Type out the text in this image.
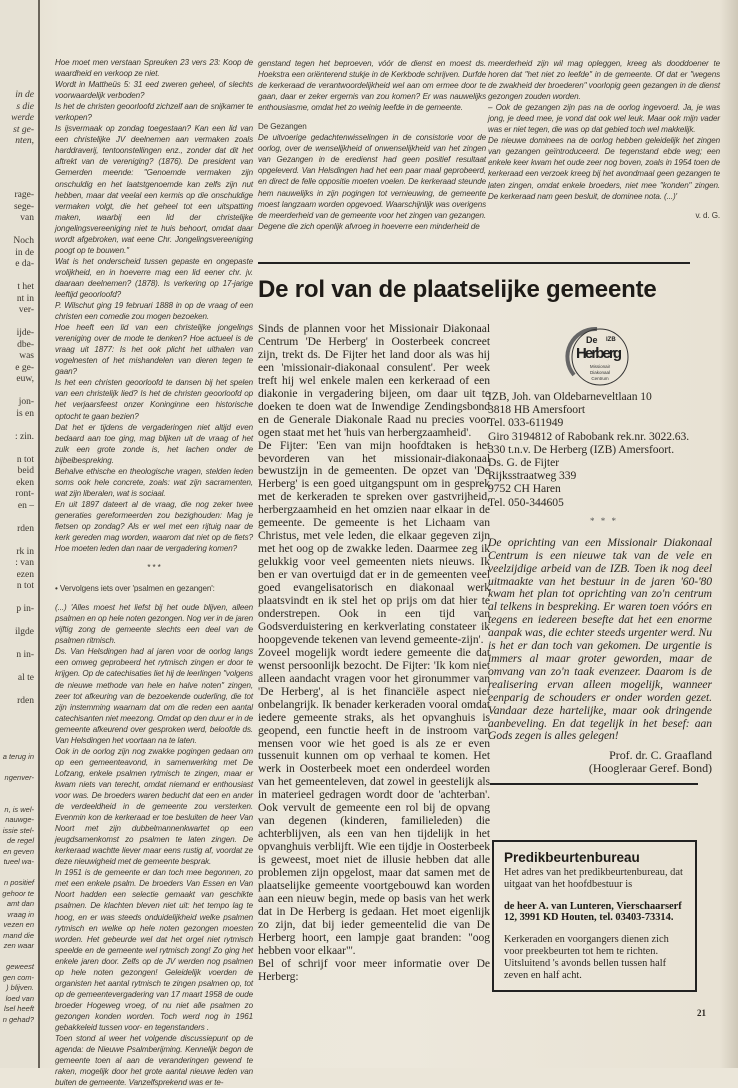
in de
s die
werde
st ge-
nten,
rage-
sege-
van

Noch
in de
e da-

t het
nt in
ver-

ijde-
dbe-
was
e ge-
euw,

jon-
is en

: zin.

n tot
beid
eken
ront-
en –

rden

rk in
: van
ezen
n tot

p in-

ilgde

n in-

al te

rden
a terug in

ngenver-

n, is wel-
nauwge-
issie stel-
de regel
en geven
tueel wa-

n positief
gehoor te
amt dan
vraag in
vezen en
mand die
zen waar

geweest
gen com-
) blijven.
loed van
lsel heeft
n gehad?

Hoe moet men verstaan Spreuken 23 vers 23: Koop de waardheid en verkoop ze niet.

Wordt in Mattheüs 5: 31 eed zweren geheel, of slechts voorwaardelijk verboden?

Is het de christen geoorloofd zichzelf aan de snijkamer te verkopen?

Is ijsvermaak op zondag toegestaan? Kan een lid van een christelijke JV deelnemen aan vermaken zoals harddraverij, tentoonstellingen enz., zonder dat dit het aftrekt van de vereniging? (1876). De president van Gemerden meende: "Genoemde vermaken zijn onschuldig en het laatstgenoemde kan zelfs zijn nut hebben, maar dat veelal een kermis op die onschuldige vermaken volgt, die het geheel tot een uitspatting maken, waarbij een lid der christelijke jongelingsvereeniging niet te huis behoort, omdat daar wordt afgebroken, wat eene Chr. Jongelingsvereeniging poogt op te bouwen."

Wat is het onderscheid tussen gepaste en ongepaste vrolijkheid, en in hoeverre mag een lid eener chr. jv. daaraan deelnemen? (1878). Is verkering op 17-jarige leeftijd geoorloofd?

P. Wilschut ging 19 februari 1888 in op de vraag of een christen een comedie zou mogen bezoeken.

Hoe heeft een lid van een christelijke jongelings vereniging over de mode te denken? Hoe actueel is de vraag uit 1877: Is het ook plicht het uithalen van vogelnesten of het mishandelen van dieren tegen te gaan?

Is het een christen geoorloofd te dansen bij het spelen van een christelijk lied? Is het de christen geoorloofd op het verjaarsfeest onzer Koninginne een historische optocht te gaan bezien?

Dat het er tijdens de vergaderingen niet altijd even bedaard aan toe ging, mag blijken uit de vraag of het zulk een grote zonde is, het lachen onder de bijbelbespreking.

Behalve ethische en theologische vragen, stelden leden soms ook hele concrete, zoals: wat zijn sacramenten, wat zijn liberalen, wat is sociaal.

En uit 1897 dateert al de vraag, die nog zeker twee generaties gereformeerden zou bezighouden: Mag je fietsen op zondag? Als er wel met een rijtuig naar de kerk gereden mag worden, waarom dat niet op de fiets? Hoe moeten leden dan naar de vergadering komen?

* * *

• Vervolgens iets over 'psalmen en gezangen':

(...) 'Alles moest het liefst bij het oude blijven, alleen psalmen en op hele noten gezongen. Nog ver in de jaren vijftig zong de gemeente slechts een deel van de psalmen ritmisch.

Ds. Van Helsdingen had al jaren voor de oorlog langs een omweg geprobeerd het rytmisch zingen er door te krijgen. Op de catechisaties liet hij de leerlingen "volgens de nieuwe methode van hele en halve noten" zingen, zeer tot afkeuring van de bezoekende ouderling, die tot zijn instemming waarnam dat om die reden een aantal catechisanten niet meezong. Omdat op den duur er in de gemeente afkeurend over gesproken werd, beloofde ds. Van Helsdingen het voortaan na te laten.

Ook in de oorlog zijn nog zwakke pogingen gedaan om op een gemeenteavond, in samenwerking met De Lofzang, enkele psalmen rytmisch te zingen, maar er kwam niets van terecht, omdat niemand er enthousiast voor was. De broeders waren beducht dat een en ander de verdeeldheid in de gemeente zou versterken. Evenmin kon de kerkeraad er toe besluiten de heer Van Noort met zijn dubbelmannenkwartet op een jeugdsamenkomst zo psalmen te laten zingen. De kerkeraad wachtte liever maar eens rustig af, voordat ze deze nieuwigheid met de gemeente besprak.

In 1951 is de gemeente er dan toch mee begonnen, zo met een enkele psalm. De broeders Van Essen en Van Noort hadden een selectie gemaakt van geschikte psalmen. De klachten bleven niet uit: het tempo lag te hoog, en er was steeds onduidelijkheid welke psalmen rytmisch en welke op hele noten gezongen moesten worden. Het gebeurde wel dat het orgel niet rytmisch speelde en de gemeente wel rytmisch zong! Zo ging het enkele jaren door. Zelfs op de JV werden nog psalmen op hele noten gezongen! Geleidelijk voerden de organisten het aantal rytmisch te zingen psalmen op, tot op de gemeentevergadering van 17 maart 1958 de oude broeder Hogeweg vroeg, of nu niet alle psalmen zo gezongen konden worden. Toch werd nog in 1961 gebakkeleid tussen voor- en tegenstanders .

Toen stond al weer het volgende discussiepunt op de agenda: de Nieuwe Psalmberijming. Kennelijk begon de gemeente toen al aan de veranderingen gewend te raken, mogelijk door het grote aantal nieuwe leden van buiten de gemeente. Vanzelfsprekend was er te-

genstand tegen het beproeven, vóór de dienst en moest ds. Hoekstra een oriënterend stukje in de Kerkbode schrijven. Durfde de kerkeraad de verantwoordelijkheid wel aan om ermee door te gaan, daar er zeker ergernis van zou komen? Er was nauwelijks enthousiasme, omdat het zo weinig leefde in de gemeente.

De Gezangen

De uitvoerige gedachtenwisselingen in de consistorie voor de oorlog, over de wenselijkheid of onwenselijkheid van het zingen van Gezangen in de eredienst had geen positief resultaat opgeleverd. Van Helsdingen had het een paar maal geprobeerd, en direct de felle oppositie moeten voelen. De kerkeraad steunde hem nauwelijks in zijn pogingen tot vernieuwing, de gemeente moest langzaam worden opgevoed. Waarschijnlijk was overigens de meerderheid van de gemeente voor het zingen van gezangen. Degene die zich openlijk afvroeg in hoeverre een minderheid de

meerderheid zijn wil mag opleggen, kreeg als dooddoener te horen dat "het niet zo leefde" in de gemeente. Of dat er "wegens de zwakheid der broederen" voorlopig geen gezangen in de dienst gezongen zouden worden.

– Ook de gezangen zijn pas na de oorlog ingevoerd. Ja, je was jong, je deed mee, je vond dat ook wel leuk. Maar ook mijn vader was er niet tegen, die was op dat gebied toch wel makkelijk.

De nieuwe dominees na de oorlog hebben geleidelijk het zingen van gezangen geïntroduceerd. De tegenstand ebde weg; een enkele keer kwam het oude zeer nog boven, zoals in 1954 toen de kerkeraad een verzoek kreeg bij het avondmaal geen gezangen te laten zingen, omdat enkele broeders, niet mee "konden" zingen. De kerkeraad nam geen besluit, de dominee nota. (...)'

v. d. G.

De rol van de plaatselijke gemeente

Sinds de plannen voor het Missionair Diakonaal Centrum 'De Herberg' in Oosterbeek concreet zijn, trekt ds. De Fijter het land door als was hij een 'missionair-diakonaal consulent'. Per week treft hij wel enkele malen een kerkeraad of een diakonie in vergadering bijeen, om daar uit te doeken te doen wat de Inwendige Zendingsbond en de Generale Diakonale Raad nu precies voor ogen staat met het 'huis van herbergzaamheid'.

De Fijter: 'Een van mijn hoofdtaken is het bevorderen van het missionair-diakonaal bewustzijn in de gemeenten. De opzet van 'De Herberg' is een goed uitgangspunt om in gesprek met de kerkeraden te spreken over gastvrijheid, herbergzaamheid en het omzien naar elkaar in de gemeente. De gemeente is het Lichaam van Christus, met vele leden, die elkaar gegeven zijn met het oog op de zwakke leden. Daarmee zeg ik gelukkig voor veel gemeenten niets nieuws. Ik ben er van overtuigd dat er in de gemeenten veel goed evangelisatorisch en diakonaal werk plaatsvindt en ik stel het op prijs om dat hier te onderstrepen. Ook in een tijd van Godsverduistering en kerkverlating constateer ik hoopgevende tekenen van levend gemeente-zijn'.

Zoveel mogelijk wordt iedere gemeente die dat wenst persoonlijk bezocht. De Fijter: 'Ik kom niet alleen aandacht vragen voor het gironummer van 'De Herberg', al is het financiële aspect niet onbelangrijk. Ik benader kerkeraden vooral omdat iedere gemeente straks, als het opvanghuis is geopend, een functie heeft in de instroom van mensen voor wie het goed is als ze er even tussenuit kunnen om op verhaal te komen. Het werk in Oosterbeek moet een onderdeel worden van het gemeenteleven, dat zowel in geestelijk als in materieel gedragen wordt door de 'achterban'. Ook vervult de gemeente een rol bij de opvang van degenen (kinderen, familieleden) die achterblijven, als een van hen tijdelijk in het opvanghuis verblijft. Wie een tijdje in Oosterbeek is geweest, moet niet de illusie hebben dat alle problemen zijn opgelost, maar dat samen met de plaatselijke gemeente voortgebouwd kan worden aan een nieuw begin, mede op basis van het werk dat in De Herberg is gedaan. Het moet eigenlijk zo zijn, dat bij ieder gemeentelid die van De Herberg hoort, een lampje gaat branden: "oog hebben voor elkaar"'.

Bel of schrijf voor meer informatie over De Herberg:

De IZB
Herberg
Missionair
Diakonaal
Centrum
IZB, Joh. van Oldebarneveltlaan 10
3818 HB Amersfoort
Tel. 033-611949
Giro 3194812 of Rabobank rek.nr. 3022.63.
330 t.n.v. De Herberg (IZB) Amersfoort.
Ds. G. de Fijter
Rijksstraatweg 339
9752 CH Haren
Tel. 050-344605
* * *

De oprichting van een Missionair Diakonaal Centrum is een nieuwe tak van de vele en veelzijdige arbeid van de IZB. Toen ik nog deel uitmaakte van het bestuur in de jaren '60-'80 kwam het plan tot oprichting van zo'n centrum al telkens in bespreking. Er waren toen vóórs en tegens en iedereen besefte dat het een enorme aanpak was, die echter steeds urgenter werd. Nu is het er dan toch van gekomen. De urgentie is immers al maar groter geworden, maar de omvang van zo'n taak evenzeer. Daarom is de realisering ervan alleen mogelijk, wanneer eenparig de schouders er onder worden gezet. Vandaar deze hartelijke, maar ook dringende aanbeveling. En dat tegelijk in het besef: aan Gods zegen is alles gelegen!

Prof. dr. C. Graafland
(Hoogleraar Geref. Bond)
Predikbeurtenbureau

Het adres van het predikbeurtenbureau, dat uitgaat van het hoofdbestuur is

de heer A. van Lunteren, Vierschaarserf 12, 3991 KD Houten, tel. 03403-73314.

Kerkeraden en voorgangers dienen zich voor preekbeurten tot hem te richten. Uitsluitend 's avonds bellen tussen half zeven en half acht.

21
